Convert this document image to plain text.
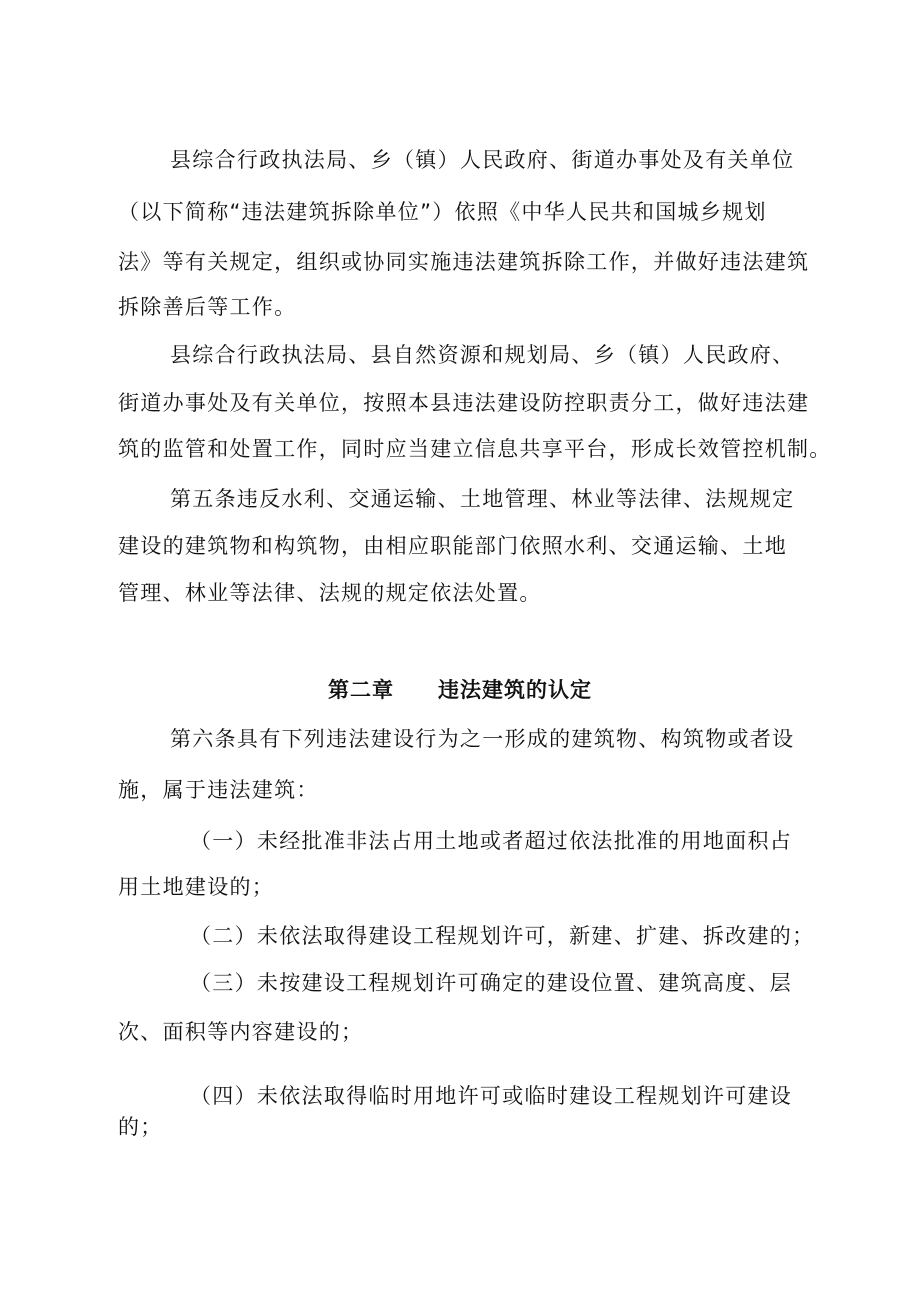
县综合行政执法局、乡（镇）人民政府、街道办事处及有关单位
（以下简称“违法建筑拆除单位”）依照《中华人民共和国城乡规划
法》等有关规定，组织或协同实施违法建筑拆除工作，并做好违法建筑
拆除善后等工作。
县综合行政执法局、县自然资源和规划局、乡（镇）人民政府、
街道办事处及有关单位，按照本县违法建设防控职责分工，做好违法建
筑的监管和处置工作，同时应当建立信息共享平台，形成长效管控机制。
第五条违反水利、交通运输、土地管理、林业等法律、法规规定
建设的建筑物和构筑物，由相应职能部门依照水利、交通运输、土地
管理、林业等法律、法规的规定依法处置。
第二章 违法建筑的认定
第六条具有下列违法建设行为之一形成的建筑物、构筑物或者设
施，属于违法建筑：
（一）未经批准非法占用土地或者超过依法批准的用地面积占
用土地建设的；
（二）未依法取得建设工程规划许可，新建、扩建、拆改建的；
（三）未按建设工程规划许可确定的建设位置、建筑高度、层
次、面积等内容建设的；
（四）未依法取得临时用地许可或临时建设工程规划许可建设
的；
